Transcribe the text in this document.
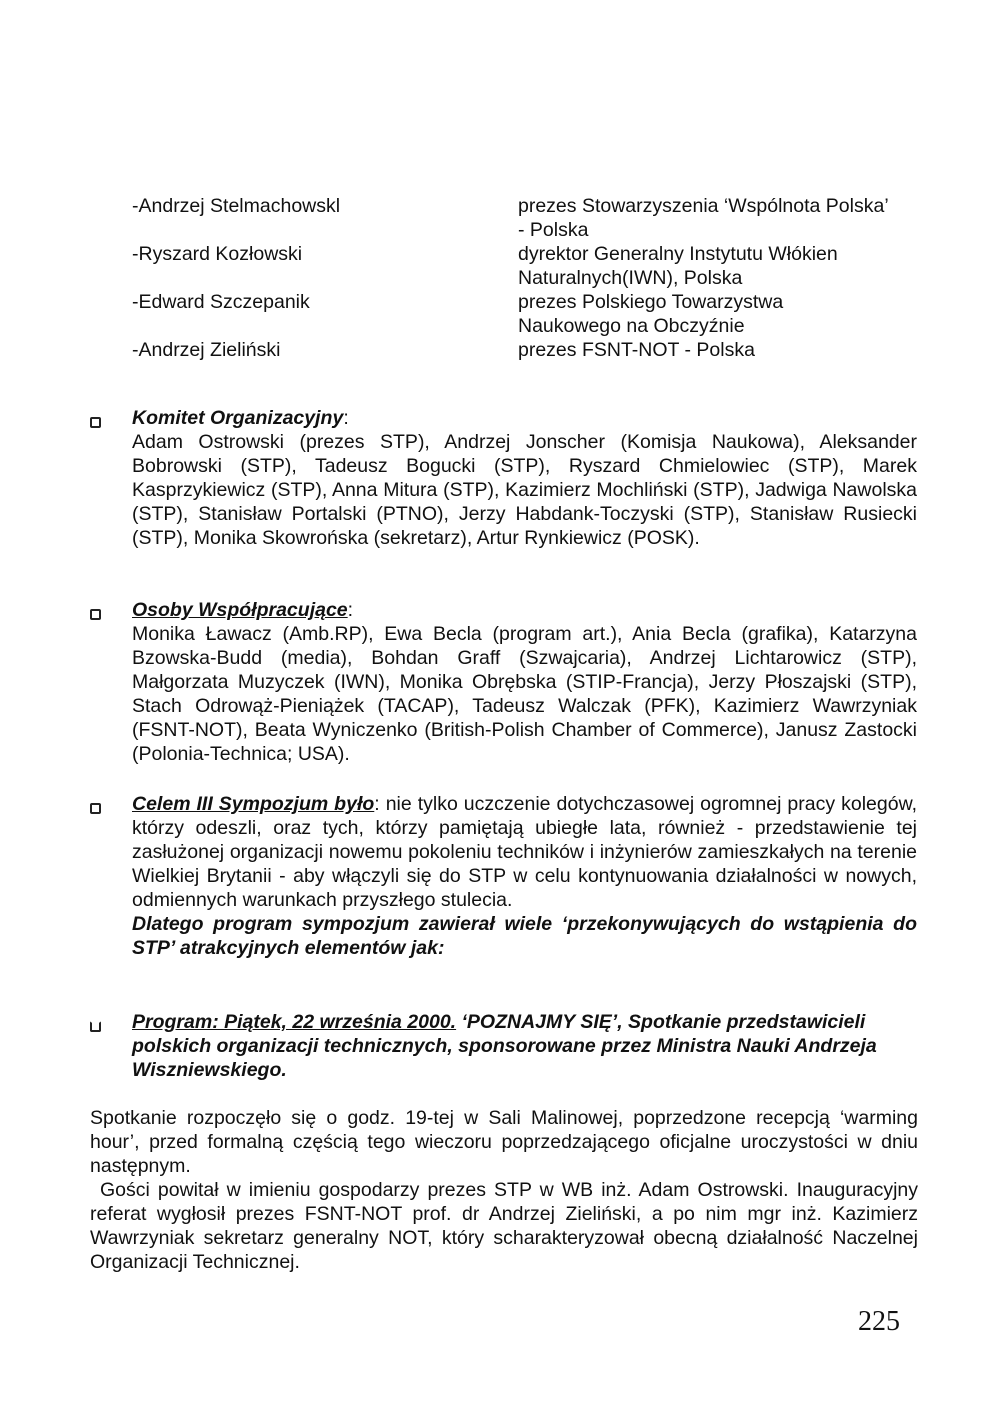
-Andrzej Stelmachowskl	prezes Stowarzyszenia ‘Wspólnota Polska’ - Polska
-Ryszard Kozłowski	dyrektor Generalny Instytutu Włókien Naturalnych(IWN), Polska
-Edward Szczepanik	prezes Polskiego Towarzystwa Naukowego na Obczyźnie
-Andrzej Zieliński	prezes FSNT-NOT - Polska
Komitet Organizacyjny:

Adam Ostrowski (prezes STP), Andrzej Jonscher (Komisja Naukowa), Aleksander Bobrowski (STP), Tadeusz Bogucki (STP), Ryszard Chmielowiec (STP), Marek Kasprzykiewicz (STP), Anna Mitura (STP), Kazimierz Mochliński (STP), Jadwiga Nawolska (STP), Stanisław Portalski (PTNO), Jerzy Habdank-Toczyski (STP), Stanisław Rusiecki (STP), Monika Skowrońska (sekretarz), Artur Rynkiewicz (POSK).

Osoby Współpracujące:

Monika Ławacz (Amb.RP), Ewa Becla (program art.), Ania Becla (grafika), Katarzyna Bzowska-Budd (media), Bohdan Graff (Szwajcaria), Andrzej Lichtarowicz (STP), Małgorzata Muzyczek (IWN), Monika Obrębska (STIP-Francja), Jerzy Płoszajski (STP), Stach Odrowąż-Pieniążek (TACAP), Tadeusz Walczak (PFK), Kazimierz Wawrzyniak (FSNT-NOT), Beata Wyniczenko (British-Polish Chamber of Commerce), Janusz Zastocki (Polonia-Technica; USA).

Celem III Sympozjum było: nie tylko uczczenie dotychczasowej ogromnej pracy kolegów, którzy odeszli, oraz tych, którzy pamiętają ubiegłe lata, również - przedstawienie tej zasłużonej organizacji nowemu pokoleniu techników i inżynierów zamieszkałych na terenie Wielkiej Brytanii - aby włączyli się do STP w celu kontynuowania działalności w nowych, odmiennych warunkach przyszłego stulecia.

Dlatego program sympozjum zawierał wiele ‘przekonywujących do wstąpienia do STP’ atrakcyjnych elementów jak:

Program: Piątek, 22 września 2000. ‘POZNAJMY SIĘ’, Spotkanie przedstawicieli polskich organizacji technicznych, sponsorowane przez Ministra Nauki Andrzeja Wiszniewskiego.

Spotkanie rozpoczęło się o godz. 19-tej w Sali Malinowej, poprzedzone recepcją ‘warming hour’, przed formalną częścią tego wieczoru poprzedzającego oficjalne uroczystości w dniu następnym.

Gości powitał w imieniu gospodarzy prezes STP w WB inż. Adam Ostrowski. Inauguracyjny referat wygłosił prezes FSNT-NOT prof. dr Andrzej Zieliński, a po nim mgr inż. Kazimierz Wawrzyniak sekretarz generalny NOT, który scharakteryzował obecną działalność Naczelnej Organizacji Technicznej.

225
